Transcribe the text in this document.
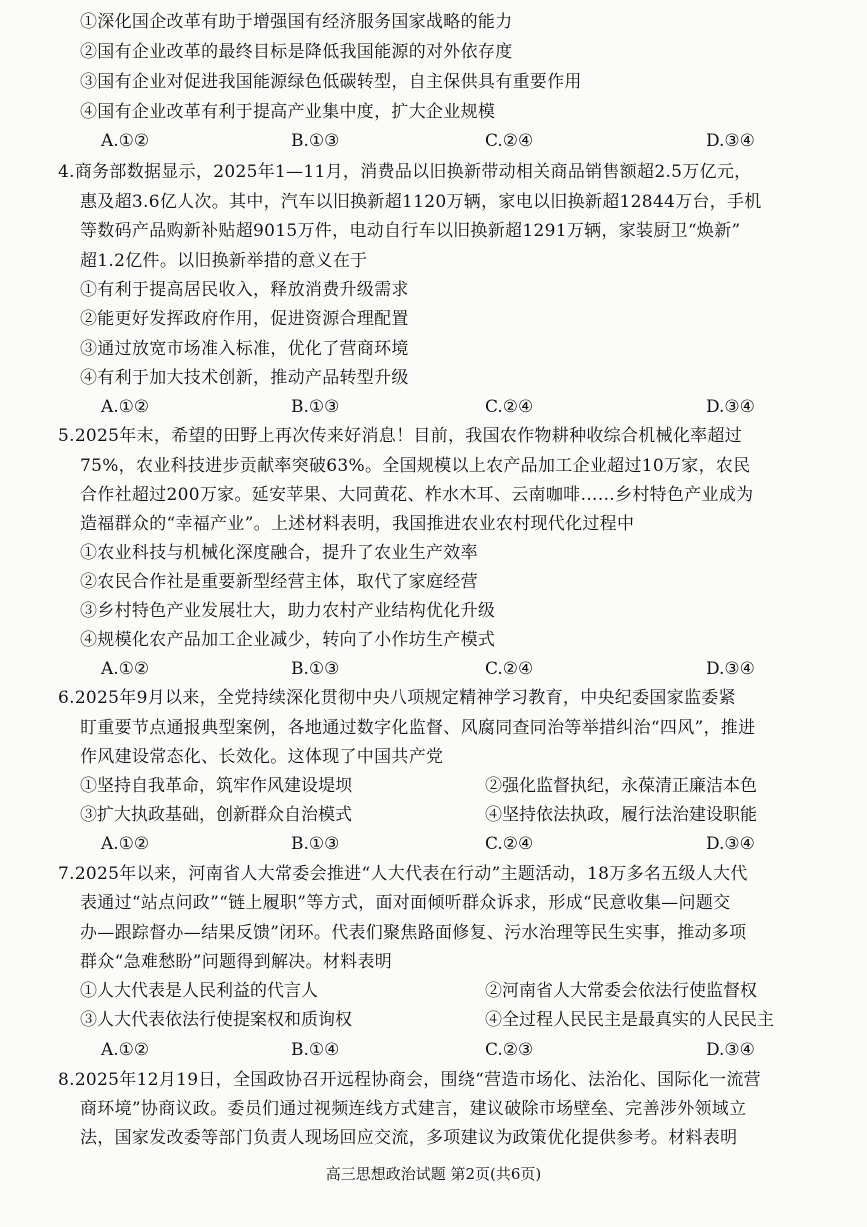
①深化国企改革有助于增强国有经济服务国家战略的能力
②国有企业改革的最终目标是降低我国能源的对外依存度
③国有企业对促进我国能源绿色低碳转型，自主保供具有重要作用
④国有企业改革有利于提高产业集中度，扩大企业规模
A.①②	B.①③	C.②④	D.③④
4.商务部数据显示，2025年1—11月，消费品以旧换新带动相关商品销售额超2.5万亿元，
惠及超3.6亿人次。其中，汽车以旧换新超1120万辆，家电以旧换新超12844万台，手机
等数码产品购新补贴超9015万件，电动自行车以旧换新超1291万辆，家装厨卫“焕新”
超1.2亿件。以旧换新举措的意义在于
①有利于提高居民收入，释放消费升级需求
②能更好发挥政府作用，促进资源合理配置
③通过放宽市场准入标准，优化了营商环境
④有利于加大技术创新，推动产品转型升级
A.①②	B.①③	C.②④	D.③④
5.2025年末，希望的田野上再次传来好消息！目前，我国农作物耕种收综合机械化率超过
75%，农业科技进步贡献率突破63%。全国规模以上农产品加工企业超过10万家，农民
合作社超过200万家。延安苹果、大同黄花、柞水木耳、云南咖啡……乡村特色产业成为
造福群众的“幸福产业”。上述材料表明，我国推进农业农村现代化过程中
①农业科技与机械化深度融合，提升了农业生产效率
②农民合作社是重要新型经营主体，取代了家庭经营
③乡村特色产业发展壮大，助力农村产业结构优化升级
④规模化农产品加工企业减少，转向了小作坊生产模式
A.①②	B.①③	C.②④	D.③④
6.2025年9月以来，全党持续深化贯彻中央八项规定精神学习教育，中央纪委国家监委紧
盯重要节点通报典型案例，各地通过数字化监督、风腐同查同治等举措纠治“四风”，推进
作风建设常态化、长效化。这体现了中国共产党
①坚持自我革命，筑牢作风建设堤坝	②强化监督执纪，永葆清正廉洁本色
③扩大执政基础，创新群众自治模式	④坚持依法执政，履行法治建设职能
A.①②	B.①③	C.②④	D.③④
7.2025年以来，河南省人大常委会推进“人大代表在行动”主题活动，18万多名五级人大代
表通过“站点问政”“链上履职”等方式，面对面倾听群众诉求，形成“民意收集—问题交
办—跟踪督办—结果反馈”闭环。代表们聚焦路面修复、污水治理等民生实事，推动多项
群众“急难愁盼”问题得到解决。材料表明
①人大代表是人民利益的代言人	②河南省人大常委会依法行使监督权
③人大代表依法行使提案权和质询权	④全过程人民民主是最真实的人民民主
A.①②	B.①④	C.②③	D.③④
8.2025年12月19日，全国政协召开远程协商会，围绕“营造市场化、法治化、国际化一流营
商环境”协商议政。委员们通过视频连线方式建言，建议破除市场壁垒、完善涉外领域立
法，国家发改委等部门负责人现场回应交流，多项建议为政策优化提供参考。材料表明
高三思想政治试题 第2页(共6页)
